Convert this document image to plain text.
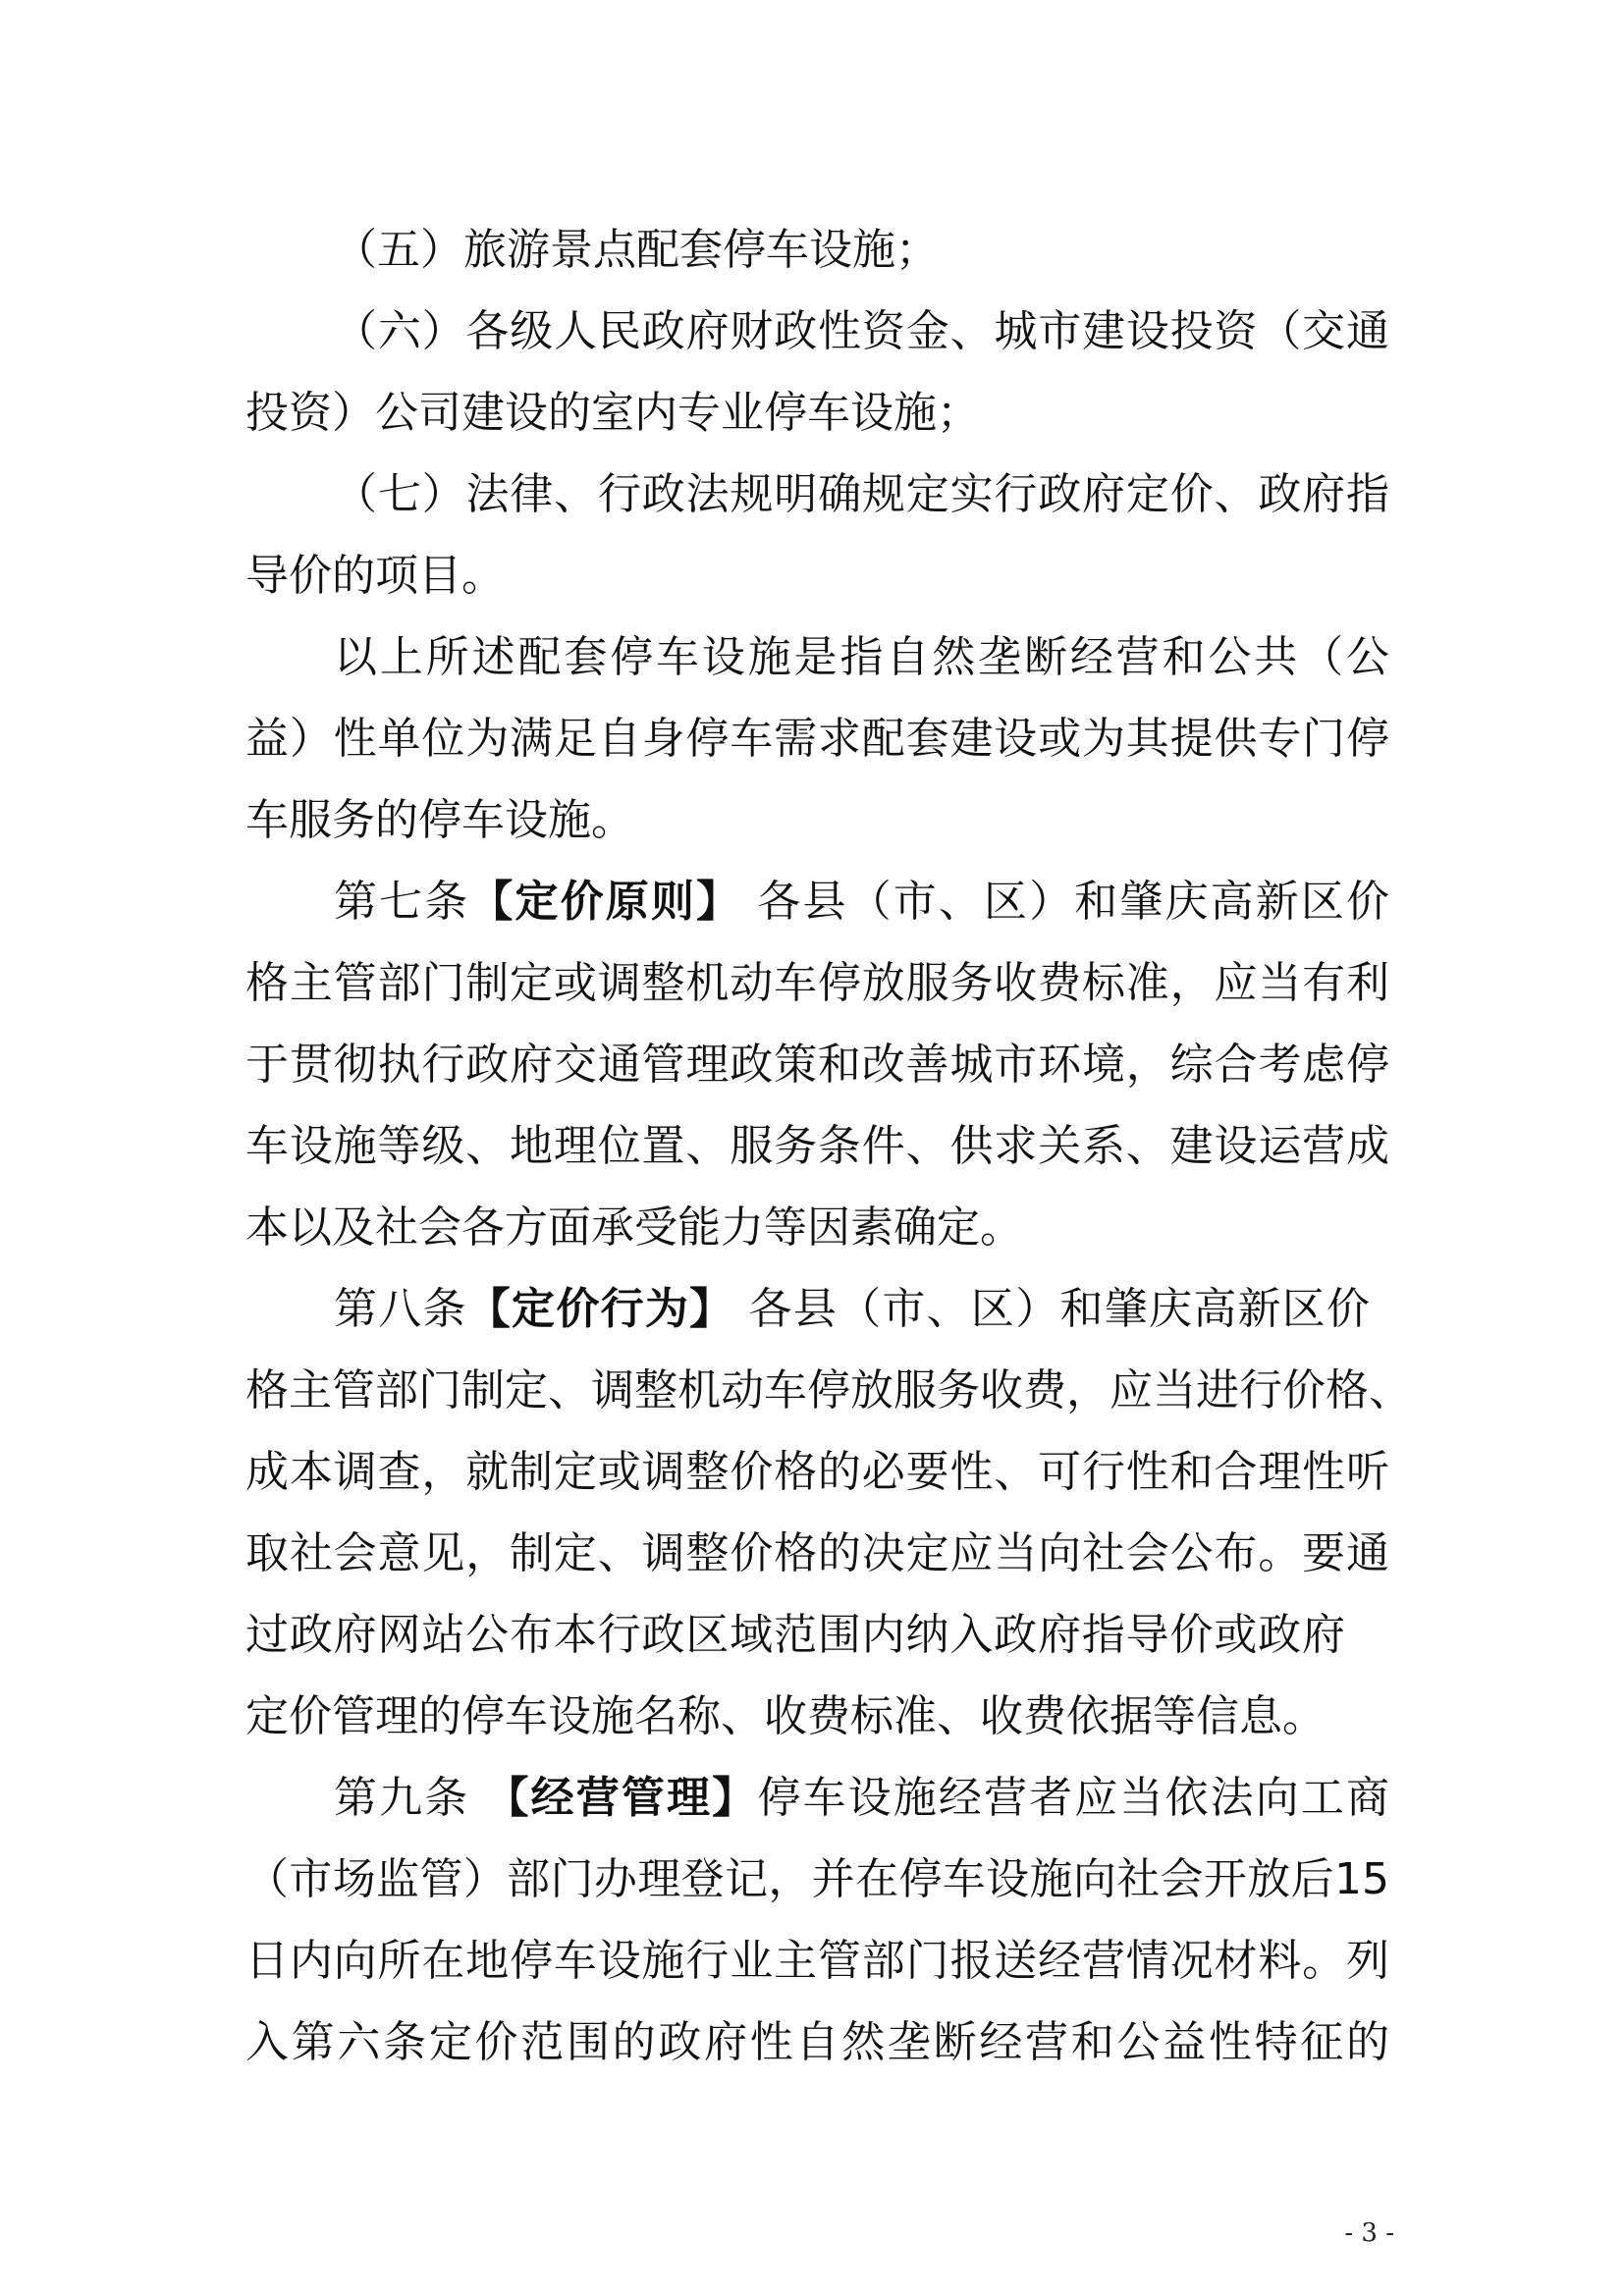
（五）旅游景点配套停车设施；
（六）各级人民政府财政性资金、城市建设投资（交通
投资）公司建设的室内专业停车设施；
（七）法律、行政法规明确规定实行政府定价、政府指
导价的项目。
以上所述配套停车设施是指自然垄断经营和公共（公
益）性单位为满足自身停车需求配套建设或为其提供专门停
车服务的停车设施。
第七条【定价原则】 各县（市、区）和肇庆高新区价
格主管部门制定或调整机动车停放服务收费标准，应当有利
于贯彻执行政府交通管理政策和改善城市环境，综合考虑停
车设施等级、地理位置、服务条件、供求关系、建设运营成
本以及社会各方面承受能力等因素确定。
第八条【定价行为】 各县（市、区）和肇庆高新区价
格主管部门制定、调整机动车停放服务收费，应当进行价格、
成本调查，就制定或调整价格的必要性、可行性和合理性听
取社会意见，制定、调整价格的决定应当向社会公布。要通
过政府网站公布本行政区域范围内纳入政府指导价或政府
定价管理的停车设施名称、收费标准、收费依据等信息。
第九条 【经营管理】停车设施经营者应当依法向工商
（市场监管）部门办理登记，并在停车设施向社会开放后15
日内向所在地停车设施行业主管部门报送经营情况材料。列
入第六条定价范围的政府性自然垄断经营和公益性特征的
- 3 -
